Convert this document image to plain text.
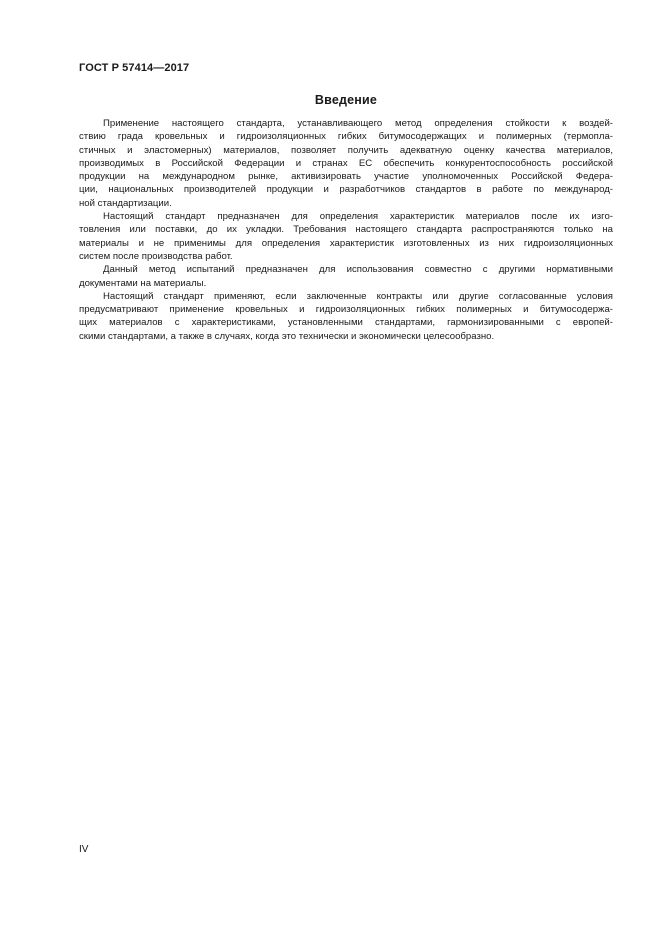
ГОСТ Р 57414—2017
Введение

Применение настоящего стандарта, устанавливающего метод определения стойкости к воздей-
ствию града кровельных и гидроизоляционных гибких битумосодержащих и полимерных (термопла-
стичных и эластомерных) материалов, позволяет получить адекватную оценку качества материалов,
производимых в Российской Федерации и странах ЕС обеспечить конкурентоспособность российской
продукции на международном рынке, активизировать участие уполномоченных Российской Федера-
ции, национальных производителей продукции и разработчиков стандартов в работе по международ-
ной стандартизации.

Настоящий стандарт предназначен для определения характеристик материалов после их изго-
товления или поставки, до их укладки. Требования настоящего стандарта распространяются только на
материалы и не применимы для определения характеристик изготовленных из них гидроизоляционных
систем после производства работ.

Данный метод испытаний предназначен для использования совместно с другими нормативными
документами на материалы.

Настоящий стандарт применяют, если заключенные контракты или другие согласованные условия
предусматривают применение кровельных и гидроизоляционных гибких полимерных и битумосодержа-
щих материалов с характеристиками, установленными стандартами, гармонизированными с европей-
скими стандартами, а также в случаях, когда это технически и экономически целесообразно.

IV
